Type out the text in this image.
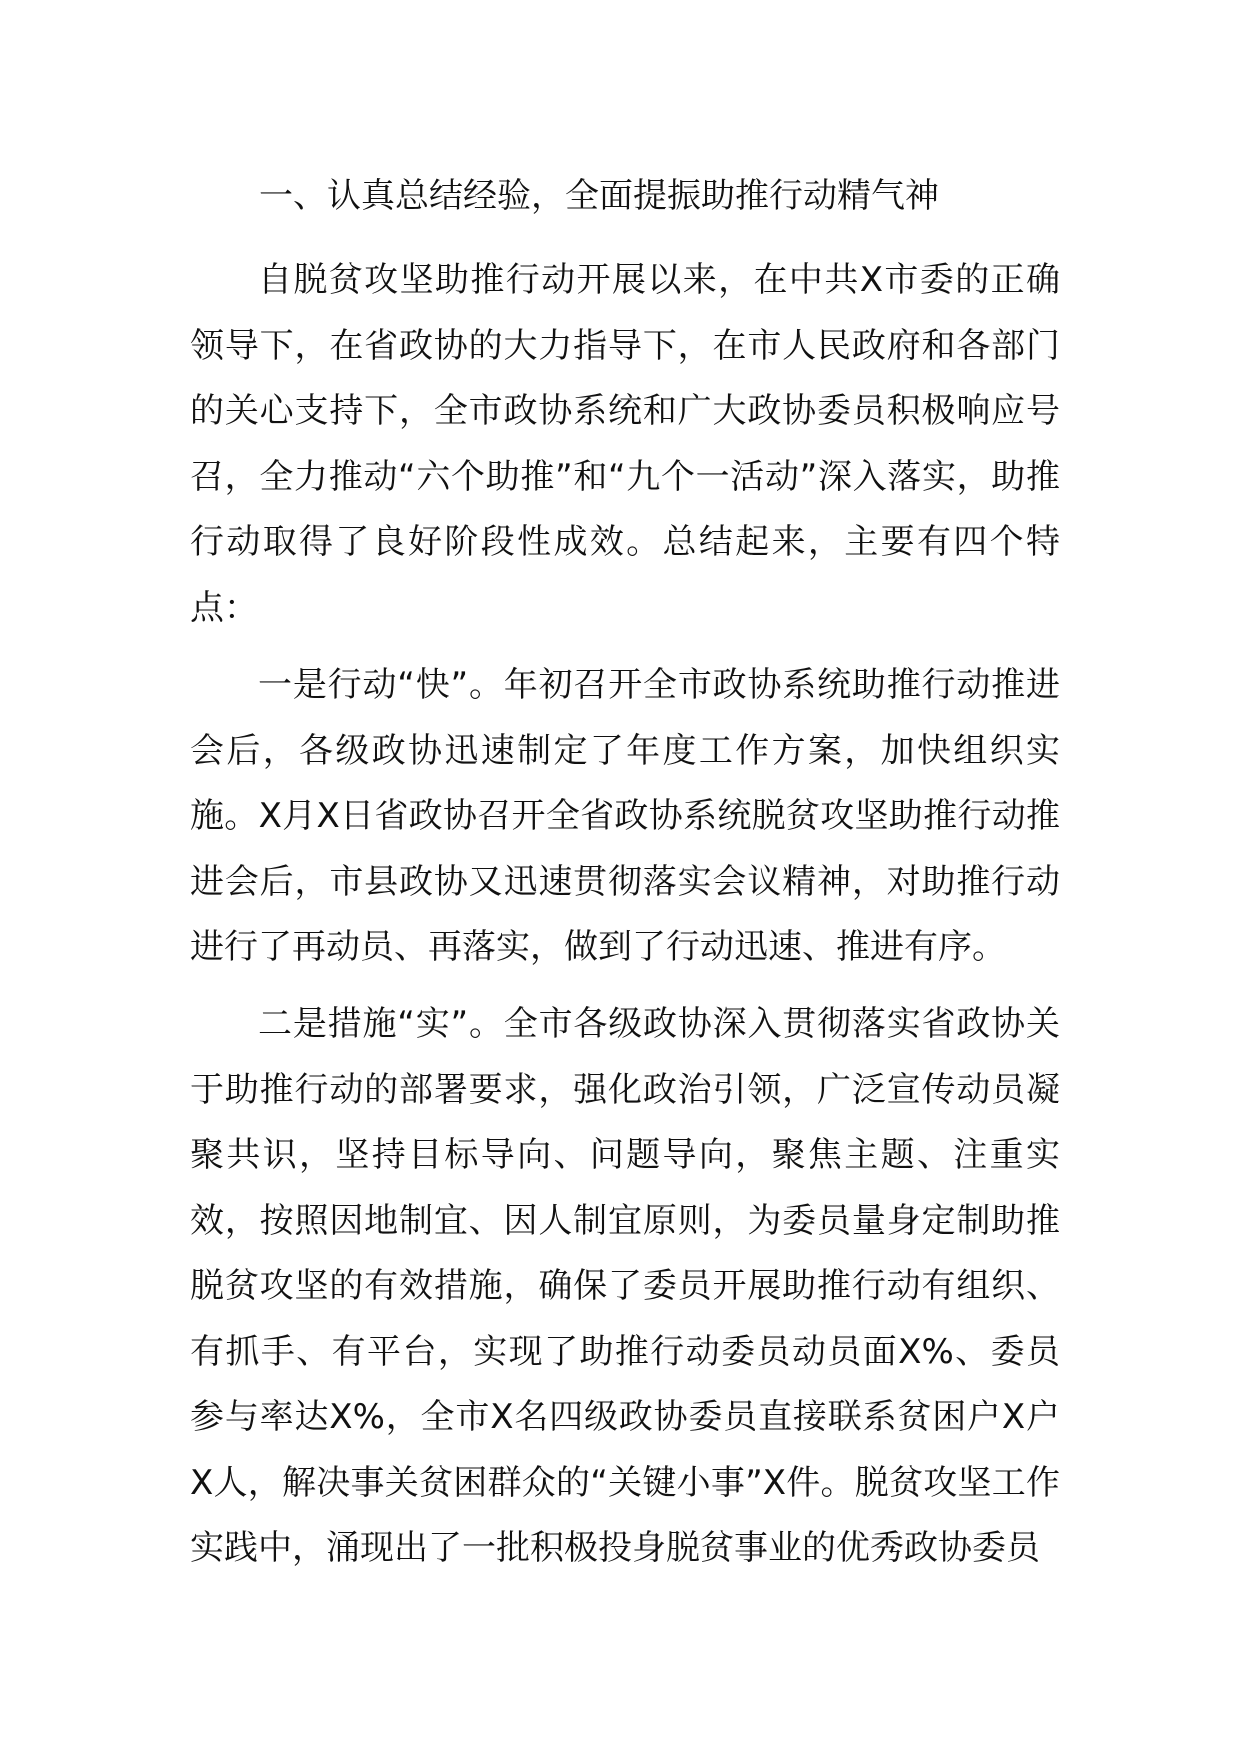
一、认真总结经验，全面提振助推行动精气神

自脱贫攻坚助推行动开展以来，在中共X市委的正确领导下，在省政协的大力指导下，在市人民政府和各部门的关心支持下，全市政协系统和广大政协委员积极响应号召，全力推动“六个助推”和“九个一活动”深入落实，助推行动取得了良好阶段性成效。总结起来，主要有四个特点：

一是行动“快”。年初召开全市政协系统助推行动推进会后，各级政协迅速制定了年度工作方案，加快组织实施。X月X日省政协召开全省政协系统脱贫攻坚助推行动推进会后，市县政协又迅速贯彻落实会议精神，对助推行动进行了再动员、再落实，做到了行动迅速、推进有序。

二是措施“实”。全市各级政协深入贯彻落实省政协关于助推行动的部署要求，强化政治引领，广泛宣传动员凝聚共识，坚持目标导向、问题导向，聚焦主题、注重实效，按照因地制宜、因人制宜原则，为委员量身定制助推脱贫攻坚的有效措施，确保了委员开展助推行动有组织、有抓手、有平台，实现了助推行动委员动员面X%、委员参与率达X%，全市X名四级政协委员直接联系贫困户X户X人，解决事关贫困群众的“关键小事”X件。脱贫攻坚工作实践中，涌现出了一批积极投身脱贫事业的优秀政协委员
